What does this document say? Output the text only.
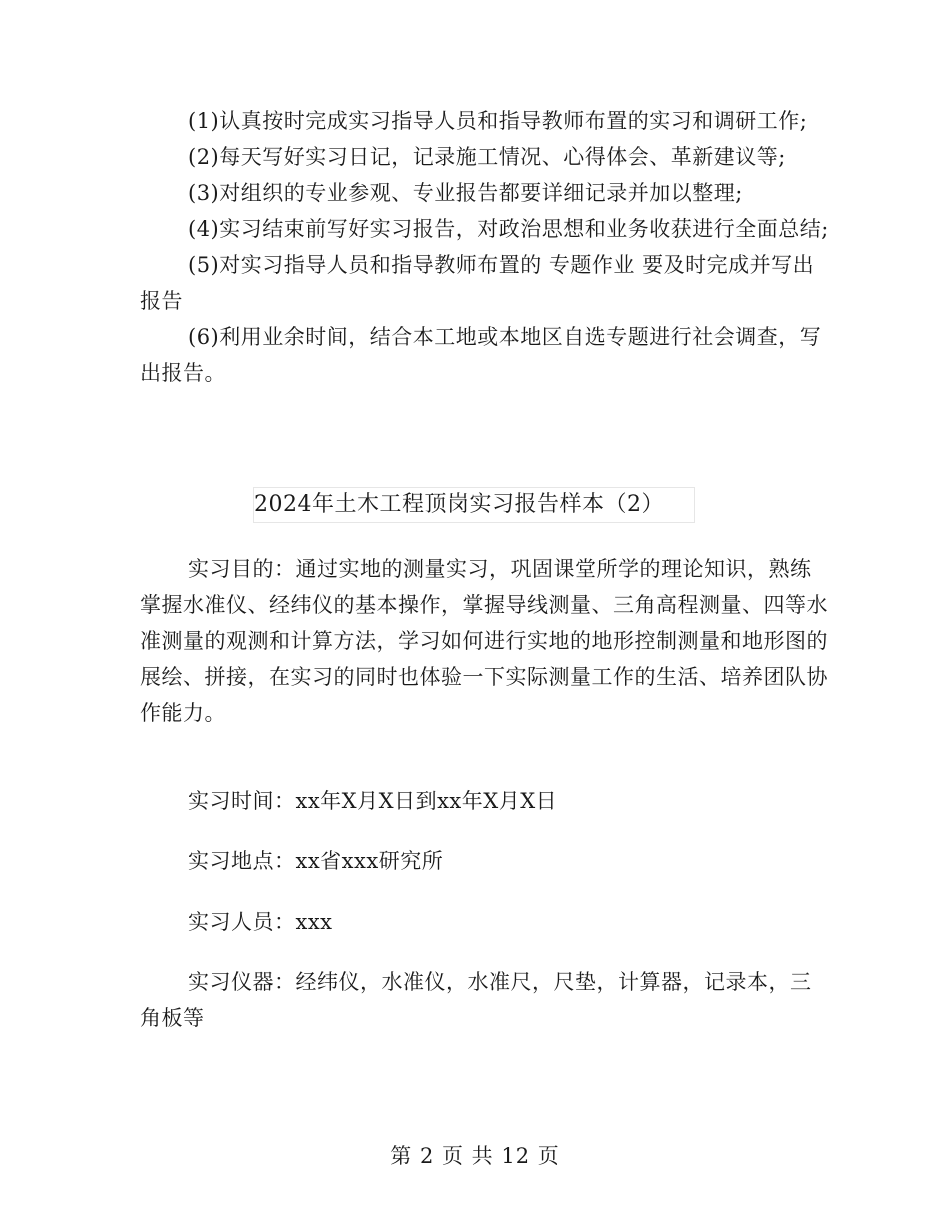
(1)认真按时完成实习指导人员和指导教师布置的实习和调研工作;

(2)每天写好实习日记，记录施工情况、心得体会、革新建议等;

(3)对组织的专业参观、专业报告都要详细记录并加以整理;

(4)实习结束前写好实习报告，对政治思想和业务收获进行全面总结;

(5)对实习指导人员和指导教师布置的 专题作业 要及时完成并写出报告

(6)利用业余时间，结合本工地或本地区自选专题进行社会调查，写出报告。

2024年土木工程顶岗实习报告样本（2）

实习目的：通过实地的测量实习，巩固课堂所学的理论知识，熟练掌握水准仪、经纬仪的基本操作，掌握导线测量、三角高程测量、四等水准测量的观测和计算方法，学习如何进行实地的地形控制测量和地形图的展绘、拼接，在实习的同时也体验一下实际测量工作的生活、培养团队协作能力。

实习时间：xx年X月X日到xx年X月X日

实习地点：xx省xxx研究所

实习人员：xxx

实习仪器：经纬仪，水准仪，水准尺，尺垫，计算器，记录本，三角板等

第 2 页 共 12 页
